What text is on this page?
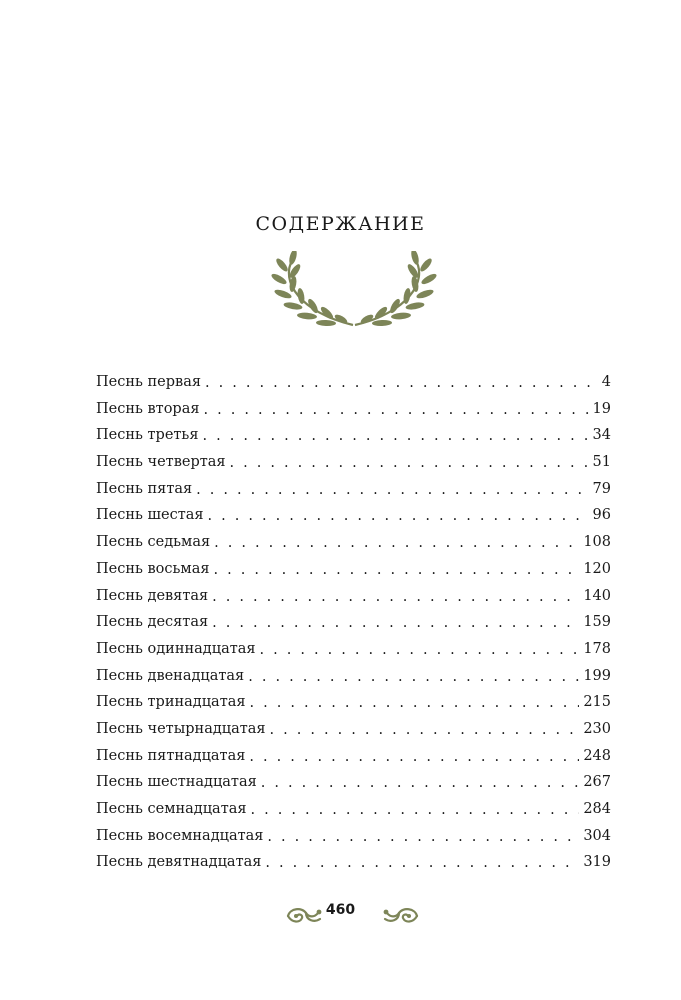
СОДЕРЖАНИЕ
Песнь первая . . .	4
Песнь вторая . . .	19
Песнь третья . . .	34
Песнь четвертая . . .	51
Песнь пятая . . .	79
Песнь шестая . . .	96
Песнь седьмая . . .	108
Песнь восьмая . . .	120
Песнь девятая . . .	140
Песнь десятая . . .	159
Песнь одиннадцатая . . .	178
Песнь двенадцатая . . .	199
Песнь тринадцатая . . .	215
Песнь четырнадцатая . . .	230
Песнь пятнадцатая . . .	248
Песнь шестнадцатая . . .	267
Песнь семнадцатая . . .	284
Песнь восемнадцатая . . .	304
Песнь девятнадцатая . . .	319
460
